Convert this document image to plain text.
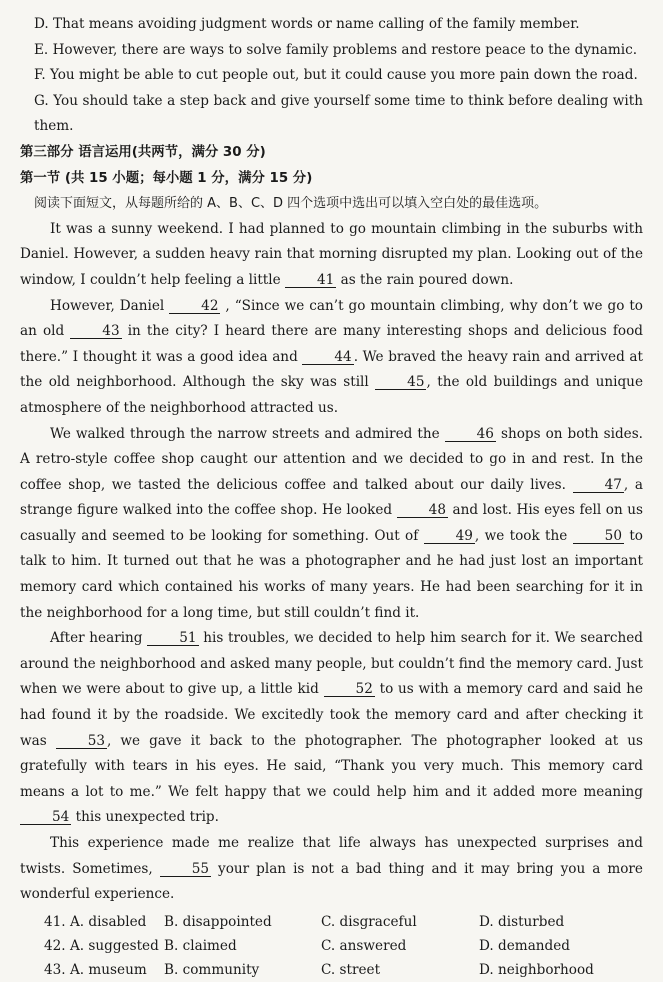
D. That means avoiding judgment words or name calling of the family member.

E. However, there are ways to solve family problems and restore peace to the dynamic.

F. You might be able to cut people out, but it could cause you more pain down the road.

G. You should take a step back and give yourself some time to think before dealing with them.

第三部分 语言运用(共两节，满分 30 分)

第一节 (共 15 小题；每小题 1 分，满分 15 分)

阅读下面短文，从每题所给的 A、B、C、D 四个选项中选出可以填入空白处的最佳选项。

It was a sunny weekend. I had planned to go mountain climbing in the suburbs with Daniel. However, a sudden heavy rain that morning disrupted my plan. Looking out of the window, I couldn’t help feeling a little 41 as the rain poured down.

However, Daniel 42 , “Since we can’t go mountain climbing, why don’t we go to an old 43 in the city? I heard there are many interesting shops and delicious food there.” I thought it was a good idea and 44 . We braved the heavy rain and arrived at the old neighborhood. Although the sky was still 45 , the old buildings and unique atmosphere of the neighborhood attracted us.

We walked through the narrow streets and admired the 46 shops on both sides. A retro-style coffee shop caught our attention and we decided to go in and rest. In the coffee shop, we tasted the delicious coffee and talked about our daily lives. 47 , a strange figure walked into the coffee shop. He looked 48 and lost. His eyes fell on us casually and seemed to be looking for something. Out of 49 , we took the 50 to talk to him. It turned out that he was a photographer and he had just lost an important memory card which contained his works of many years. He had been searching for it in the neighborhood for a long time, but still couldn’t find it.

After hearing 51 his troubles, we decided to help him search for it. We searched around the neighborhood and asked many people, but couldn’t find the memory card. Just when we were about to give up, a little kid 52 to us with a memory card and said he had found it by the roadside. We excitedly took the memory card and after checking it was 53 , we gave it back to the photographer. The photographer looked at us gratefully with tears in his eyes. He said, “Thank you very much. This memory card means a lot to me.” We felt happy that we could help him and it added more meaning 54 this unexpected trip.

This experience made me realize that life always has unexpected surprises and twists. Sometimes, 55 your plan is not a bad thing and it may bring you a more wonderful experience.

41. A. disabled	B. disappointed	C. disgraceful	D. disturbed
42. A. suggested B. claimed	C. answered	D. demanded
43. A. museum	B. community	C. street	D. neighborhood
